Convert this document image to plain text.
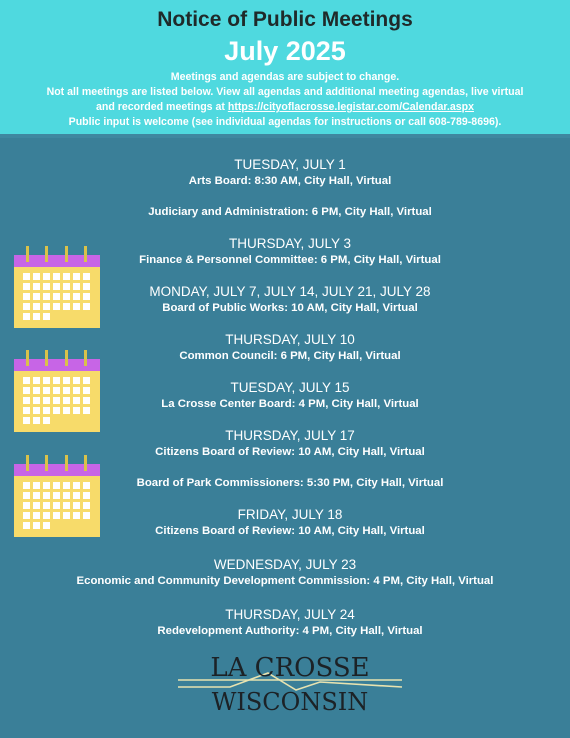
Notice of Public Meetings
July 2025
Meetings and agendas are subject to change.
Not all meetings are listed below. View all agendas and additional meeting agendas, live virtual
and recorded meetings at https://cityoflacrosse.legistar.com/Calendar.aspx
Public input is welcome (see individual agendas for instructions or call 608-789-8696).
TUESDAY, JULY 1
Arts Board: 8:30 AM, City Hall, Virtual
Judiciary and Administration: 6 PM, City Hall, Virtual
THURSDAY, JULY 3
Finance & Personnel Committee: 6 PM, City Hall, Virtual
MONDAY, JULY 7, JULY 14, JULY 21, JULY 28
Board of Public Works: 10 AM, City Hall, Virtual
THURSDAY, JULY 10
Common Council: 6 PM, City Hall, Virtual
TUESDAY, JULY 15
La Crosse Center Board: 4 PM, City Hall, Virtual
THURSDAY, JULY 17
Citizens Board of Review: 10 AM, City Hall, Virtual
Board of Park Commissioners: 5:30 PM, City Hall, Virtual
FRIDAY, JULY 18
Citizens Board of Review: 10 AM, City Hall, Virtual
WEDNESDAY, JULY 23
Economic and Community Development Commission: 4 PM, City Hall, Virtual
THURSDAY, JULY 24
Redevelopment Authority: 4 PM, City Hall, Virtual
LA CROSSE
WISCONSIN
